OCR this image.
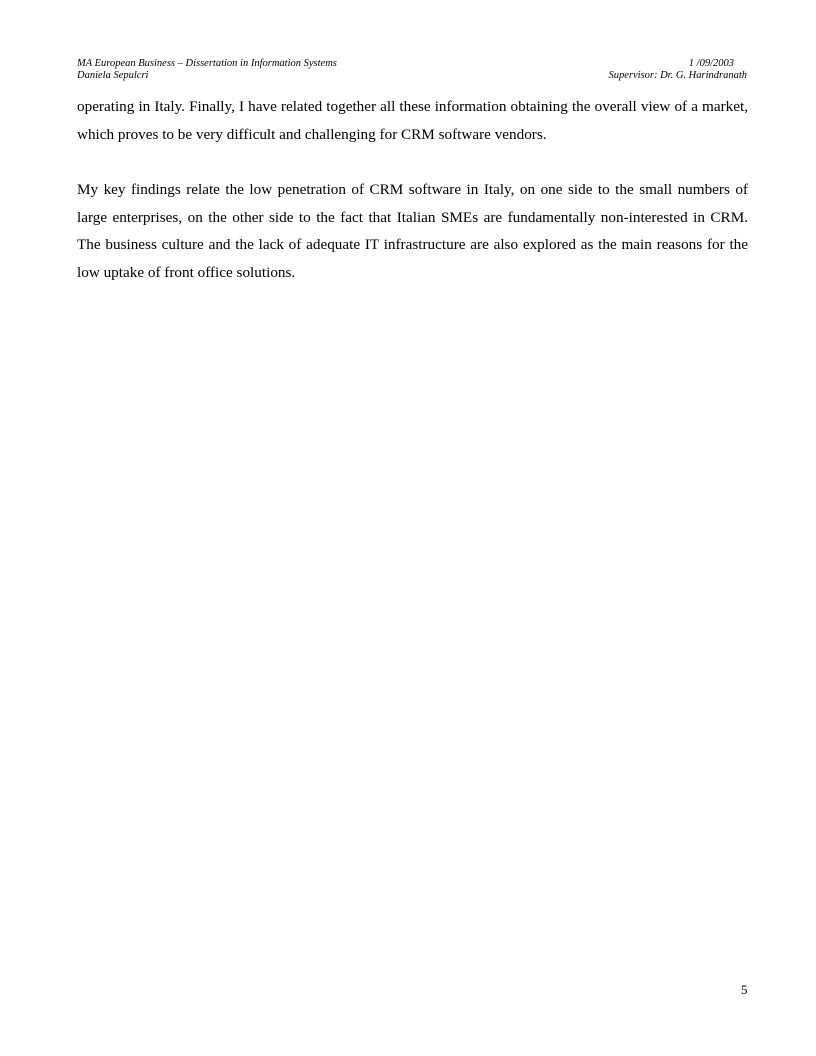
MA European Business – Dissertation in Information Systems	1 /09/2003
Daniela Sepulcri	Supervisor: Dr. G. Harindranath

operating in Italy. Finally, I have related together all these information obtaining the overall view of a market, which proves to be very difficult and challenging for CRM software vendors.

My key findings relate the low penetration of CRM software in Italy, on one side to the small numbers of large enterprises, on the other side to the fact that Italian SMEs are fundamentally non-interested in CRM. The business culture and the lack of adequate IT infrastructure are also explored as the main reasons for the low uptake of front office solutions.

5
